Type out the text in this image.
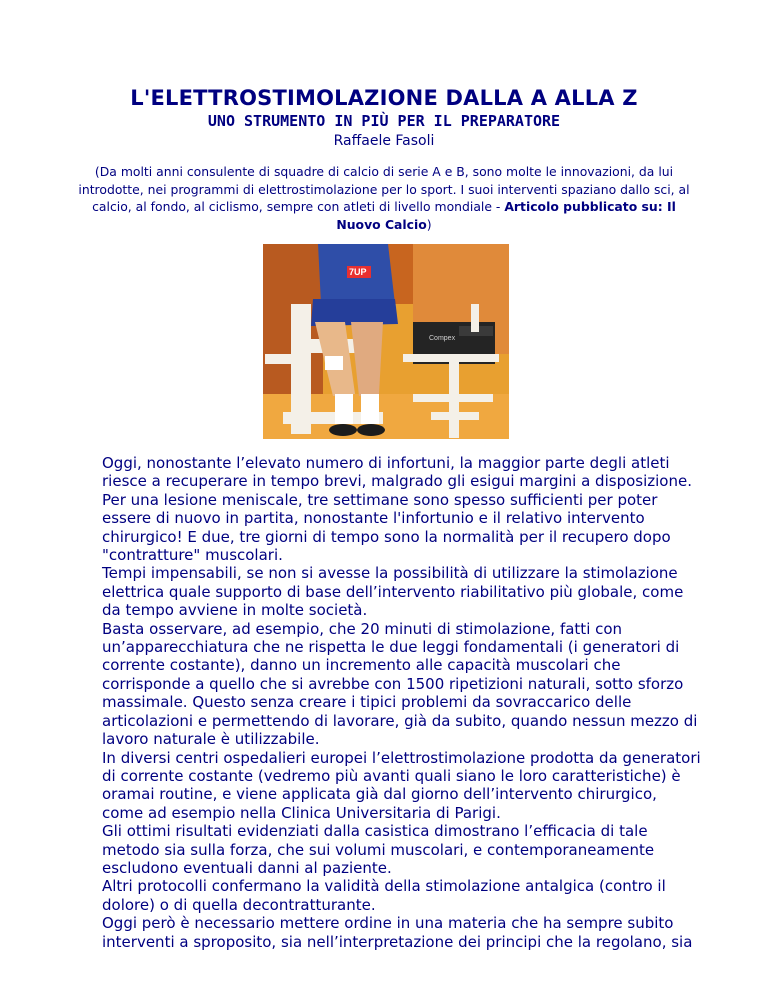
L'ELETTROSTIMOLAZIONE DALLA A ALLA Z
UNO STRUMENTO IN PIÙ PER IL PREPARATORE
Raffaele Fasoli
(Da molti anni consulente di squadre di calcio di serie A e B, sono molte le innovazioni, da lui introdotte, nei programmi di elettrostimolazione per lo sport. I suoi interventi spaziano dallo sci, al calcio, al fondo, al ciclismo, sempre con atleti di livello mondiale - Articolo pubblicato su: Il Nuovo Calcio)
7UP
Compex

Oggi, nonostante l’elevato numero di infortuni, la maggior parte degli atleti riesce a recuperare in tempo brevi, malgrado gli esigui margini a disposizione. Per una lesione meniscale, tre settimane sono spesso sufficienti per poter essere di nuovo in partita, nonostante l'infortunio e il relativo intervento chirurgico! E due, tre giorni di tempo sono la normalità per il recupero dopo "contratture" muscolari.

Tempi impensabili, se non si avesse la possibilità di utilizzare la stimolazione elettrica quale supporto di base dell’intervento riabilitativo più globale, come da tempo avviene in molte società.

Basta osservare, ad esempio, che 20 minuti di stimolazione, fatti con un’apparecchiatura che ne rispetta le due leggi fondamentali (i generatori di corrente costante), danno un incremento alle capacità muscolari che corrisponde a quello che si avrebbe con 1500 ripetizioni naturali, sotto sforzo massimale. Questo senza creare i tipici problemi da sovraccarico delle articolazioni e permettendo di lavorare, già da subito, quando nessun mezzo di lavoro naturale è utilizzabile.

In diversi centri ospedalieri europei l’elettrostimolazione prodotta da generatori di corrente costante (vedremo più avanti quali siano le loro caratteristiche) è oramai routine, e viene applicata già dal giorno dell’intervento chirurgico, come ad esempio nella Clinica Universitaria di Parigi.

Gli ottimi risultati evidenziati dalla casistica dimostrano l’efficacia di tale metodo sia sulla forza, che sui volumi muscolari, e contemporaneamente escludono eventuali danni al paziente.

Altri protocolli confermano la validità della stimolazione antalgica (contro il dolore) o di quella decontratturante.

Oggi però è necessario mettere ordine in una materia che ha sempre subito interventi a sproposito, sia nell’interpretazione dei principi che la regolano, sia
